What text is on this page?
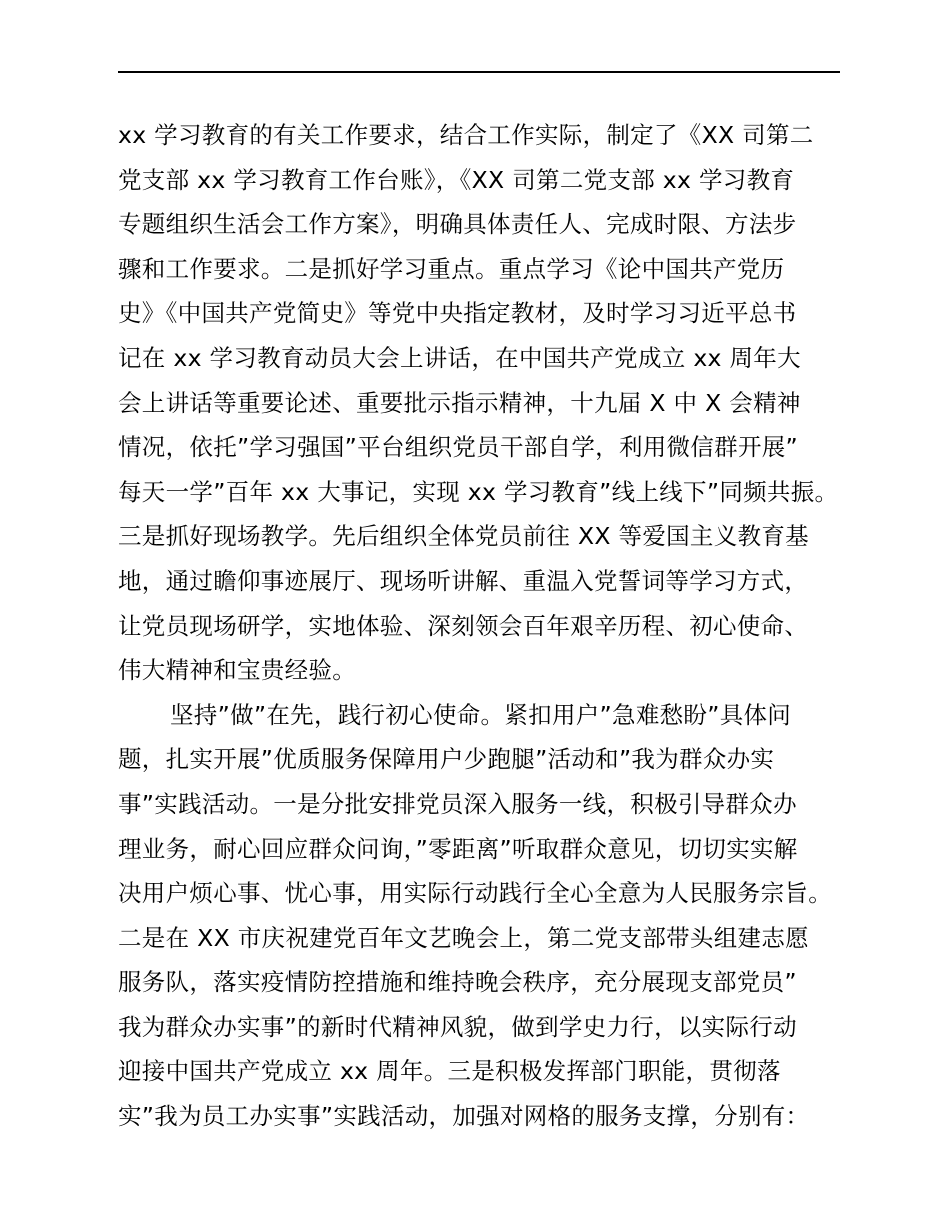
xx 学习教育的有关工作要求，结合工作实际，制定了《XX 司第二
党支部 xx 学习教育工作台账》，《XX 司第二党支部 xx 学习教育
专题组织生活会工作方案》，明确具体责任人、完成时限、方法步
骤和工作要求。二是抓好学习重点。重点学习《论中国共产党历
史》《中国共产党简史》等党中央指定教材，及时学习习近平总书
记在 xx 学习教育动员大会上讲话，在中国共产党成立 xx 周年大
会上讲话等重要论述、重要批示指示精神，十九届 X 中 X 会精神
情况，依托”学习强国”平台组织党员干部自学，利用微信群开展”
每天一学”百年 xx 大事记，实现 xx 学习教育”线上线下”同频共振。
三是抓好现场教学。先后组织全体党员前往 XX 等爱国主义教育基
地，通过瞻仰事迹展厅、现场听讲解、重温入党誓词等学习方式，
让党员现场研学，实地体验、深刻领会百年艰辛历程、初心使命、
伟大精神和宝贵经验。
坚持”做”在先，践行初心使命。紧扣用户”急难愁盼”具体问
题，扎实开展”优质服务保障用户少跑腿”活动和”我为群众办实
事”实践活动。一是分批安排党员深入服务一线，积极引导群众办
理业务，耐心回应群众问询，”零距离”听取群众意见，切切实实解
决用户烦心事、忧心事，用实际行动践行全心全意为人民服务宗旨。
二是在 XX 市庆祝建党百年文艺晚会上，第二党支部带头组建志愿
服务队，落实疫情防控措施和维持晚会秩序，充分展现支部党员”
我为群众办实事”的新时代精神风貌，做到学史力行，以实际行动
迎接中国共产党成立 xx 周年。三是积极发挥部门职能，贯彻落
实”我为员工办实事”实践活动，加强对网格的服务支撑，分别有：
